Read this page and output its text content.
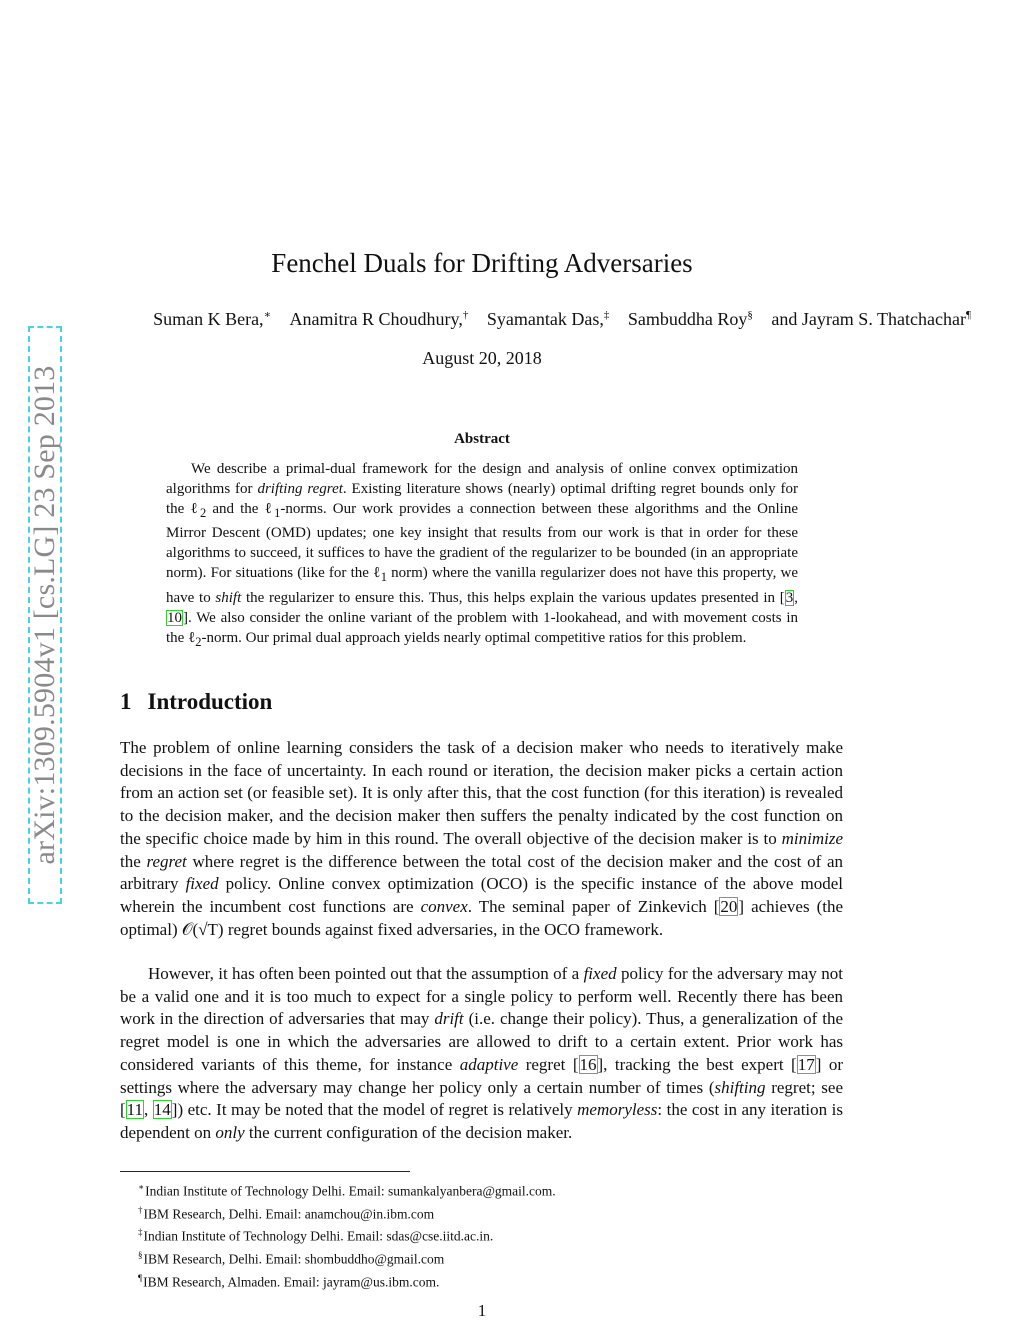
arXiv:1309.5904v1 [cs.LG] 23 Sep 2013
Fenchel Duals for Drifting Adversaries
Suman K Bera,∗ Anamitra R Choudhury,† Syamantak Das,‡ Sambuddha Roy§ and Jayram S. Thatchachar¶
August 20, 2018
Abstract

We describe a primal-dual framework for the design and analysis of online convex optimization algorithms for drifting regret. Existing literature shows (nearly) optimal drifting regret bounds only for the ℓ$_2$ and the ℓ$_1$-norms. Our work provides a connection between these algorithms and the Online Mirror Descent (OMD) updates; one key insight that results from our work is that in order for these algorithms to succeed, it suffices to have the gradient of the regularizer to be bounded (in an appropriate norm). For situations (like for the ℓ$_1$ norm) where the vanilla regularizer does not have this property, we have to shift the regularizer to ensure this. Thus, this helps explain the various updates presented in [3, 10]. We also consider the online variant of the problem with 1-lookahead, and with movement costs in the ℓ$_2$-norm. Our primal dual approach yields nearly optimal competitive ratios for this problem.

1 Introduction

The problem of online learning considers the task of a decision maker who needs to iteratively make decisions in the face of uncertainty. In each round or iteration, the decision maker picks a certain action from an action set (or feasible set). It is only after this, that the cost function (for this iteration) is revealed to the decision maker, and the decision maker then suffers the penalty indicated by the cost function on the specific choice made by him in this round. The overall objective of the decision maker is to minimize the regret where regret is the difference between the total cost of the decision maker and the cost of an arbitrary fixed policy. Online convex optimization (OCO) is the specific instance of the above model wherein the incumbent cost functions are convex. The seminal paper of Zinkevich [20] achieves (the optimal) 𝒪(√T) regret bounds against fixed adversaries, in the OCO framework.

However, it has often been pointed out that the assumption of a fixed policy for the adversary may not be a valid one and it is too much to expect for a single policy to perform well. Recently there has been work in the direction of adversaries that may drift (i.e. change their policy). Thus, a generalization of the regret model is one in which the adversaries are allowed to drift to a certain extent. Prior work has considered variants of this theme, for instance adaptive regret [16], tracking the best expert [17] or settings where the adversary may change her policy only a certain number of times (shifting regret; see [11, 14]) etc. It may be noted that the model of regret is relatively memoryless: the cost in any iteration is dependent on only the current configuration of the decision maker.

∗Indian Institute of Technology Delhi. Email: sumankalyanbera@gmail.com.
†IBM Research, Delhi. Email: anamchou@in.ibm.com
‡Indian Institute of Technology Delhi. Email: sdas@cse.iitd.ac.in.
§IBM Research, Delhi. Email: shombuddho@gmail.com
¶IBM Research, Almaden. Email: jayram@us.ibm.com.
1
